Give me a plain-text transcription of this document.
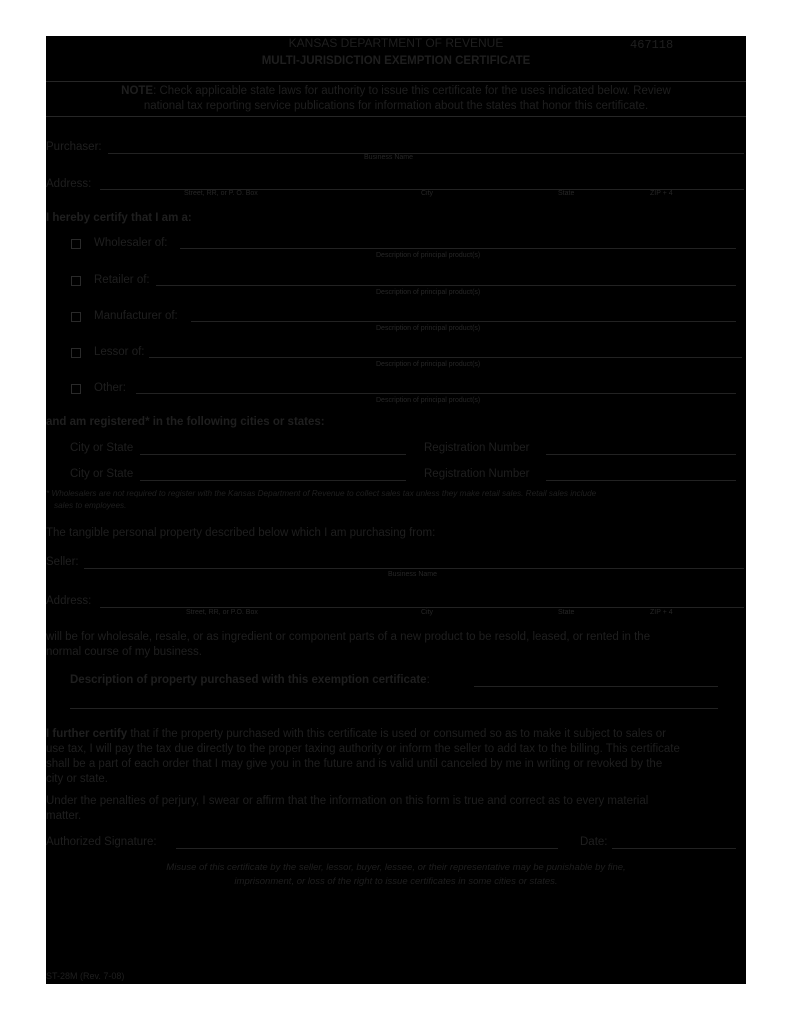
KANSAS DEPARTMENT OF REVENUE	467118
MULTI-JURISDICTION EXEMPTION CERTIFICATE
NOTE: Check applicable state laws for authority to issue this certificate for the uses indicated below. Review
national tax reporting service publications for information about the states that honor this certificate.
Purchaser:
Business Name
Address:
Street, RR, or P. O. Box	City	State	ZIP + 4
I hereby certify that I am a:
Wholesaler of:
Description of principal product(s)
Retailer of:
Description of principal product(s)
Manufacturer of:
Description of principal product(s)
Lessor of:
Description of principal product(s)
Other:
Description of principal product(s)
and am registered* in the following cities or states:
City or State	Registration Number
City or State	Registration Number
* Wholesalers are not required to register with the Kansas Department of Revenue to collect sales tax unless they make retail sales. Retail sales include
sales to employees.
The tangible personal property described below which I am purchasing from:
Seller:
Business Name
Address:
Street, RR, or P.O. Box	City	State	ZIP + 4
will be for wholesale, resale, or as ingredient or component parts of a new product to be resold, leased, or rented in the
normal course of my business.
Description of property purchased with this exemption certificate:
I further certify that if the property purchased with this certificate is used or consumed so as to make it subject to sales or
use tax, I will pay the tax due directly to the proper taxing authority or inform the seller to add tax to the billing. This certificate
shall be a part of each order that I may give you in the future and is valid until canceled by me in writing or revoked by the
city or state.
Under the penalties of perjury, I swear or affirm that the information on this form is true and correct as to every material
matter.
Authorized Signature:	Date:
Misuse of this certificate by the seller, lessor, buyer, lessee, or their representative may be punishable by fine,
imprisonment, or loss of the right to issue certificates in some cities or states.
ST-28M (Rev. 7-08)
